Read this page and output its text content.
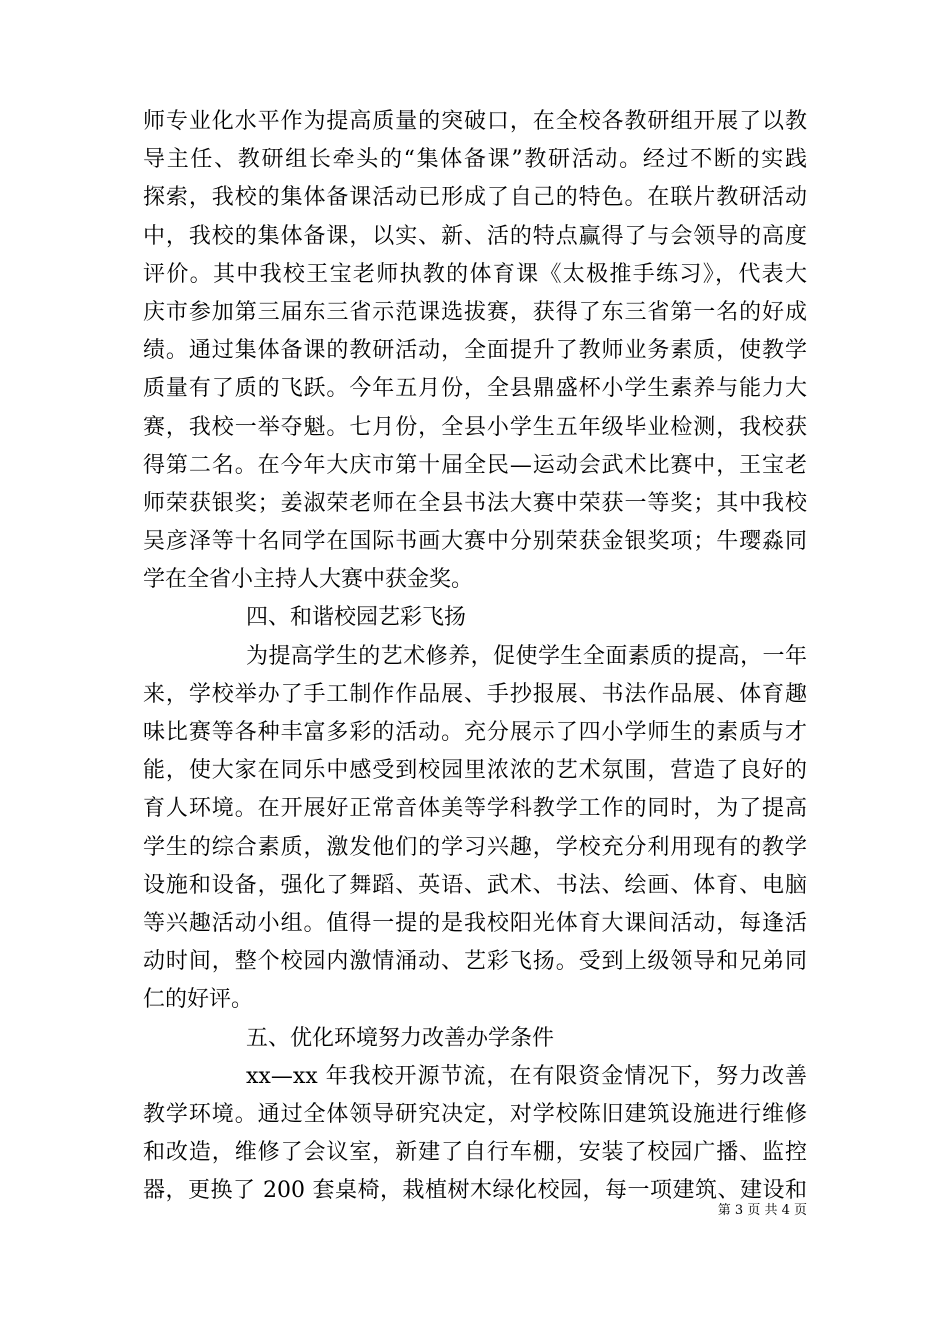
师专业化水平作为提高质量的突破口，在全校各教研组开展了以教
导主任、教研组长牵头的“集体备课”教研活动。经过不断的实践
探索，我校的集体备课活动已形成了自己的特色。在联片教研活动
中，我校的集体备课，以实、新、活的特点赢得了与会领导的高度
评价。其中我校王宝老师执教的体育课《太极推手练习》，代表大
庆市参加第三届东三省示范课选拔赛，获得了东三省第一名的好成
绩。通过集体备课的教研活动，全面提升了教师业务素质，使教学
质量有了质的飞跃。今年五月份，全县鼎盛杯小学生素养与能力大
赛，我校一举夺魁。七月份，全县小学生五年级毕业检测，我校获
得第二名。在今年大庆市第十届全民—运动会武术比赛中，王宝老
师荣获银奖；姜淑荣老师在全县书法大赛中荣获一等奖；其中我校
吴彦泽等十名同学在国际书画大赛中分别荣获金银奖项；牛璎淼同
学在全省小主持人大赛中获金奖。
四、和谐校园艺彩飞扬
为提高学生的艺术修养，促使学生全面素质的提高，一年
来，学校举办了手工制作作品展、手抄报展、书法作品展、体育趣
味比赛等各种丰富多彩的活动。充分展示了四小学师生的素质与才
能，使大家在同乐中感受到校园里浓浓的艺术氛围，营造了良好的
育人环境。在开展好正常音体美等学科教学工作的同时，为了提高
学生的综合素质，激发他们的学习兴趣，学校充分利用现有的教学
设施和设备，强化了舞蹈、英语、武术、书法、绘画、体育、电脑
等兴趣活动小组。值得一提的是我校阳光体育大课间活动，每逢活
动时间，整个校园内激情涌动、艺彩飞扬。受到上级领导和兄弟同
仁的好评。
五、优化环境努力改善办学条件
xx—xx 年我校开源节流，在有限资金情况下，努力改善
教学环境。通过全体领导研究决定，对学校陈旧建筑设施进行维修
和改造，维修了会议室，新建了自行车棚，安装了校园广播、监控
器，更换了 200 套桌椅，栽植树木绿化校园，每一项建筑、建设和
第 3 页 共 4 页
